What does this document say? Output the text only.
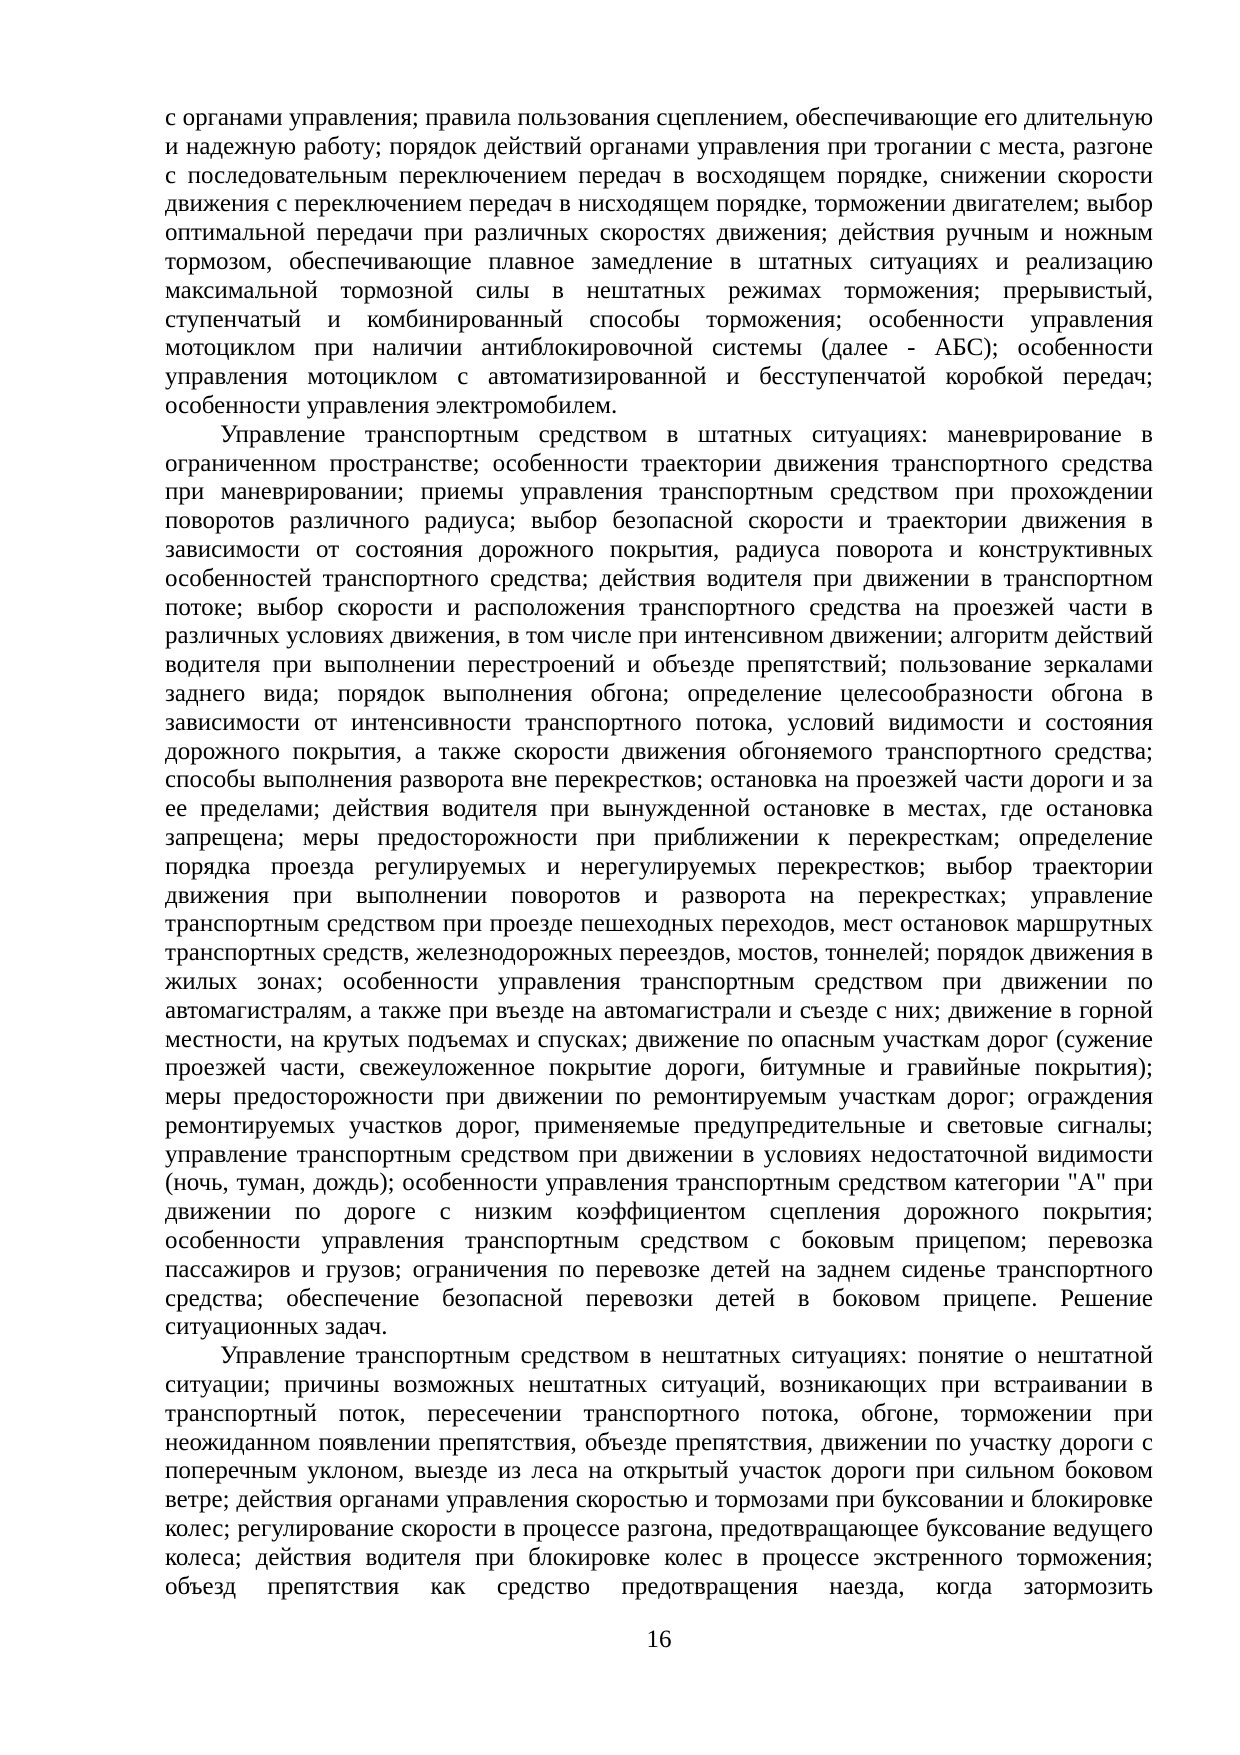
с органами управления; правила пользования сцеплением, обеспечивающие его длительную и надежную работу; порядок действий органами управления при трогании с места, разгоне с последовательным переключением передач в восходящем порядке, снижении скорости движения с переключением передач в нисходящем порядке, торможении двигателем; выбор оптимальной передачи при различных скоростях движения; действия ручным и ножным тормозом, обеспечивающие плавное замедление в штатных ситуациях и реализацию максимальной тормозной силы в нештатных режимах торможения; прерывистый, ступенчатый и комбинированный способы торможения; особенности управления мотоциклом при наличии антиблокировочной системы (далее - АБС); особенности управления мотоциклом с автоматизированной и бесступенчатой коробкой передач; особенности управления электромобилем.

Управление транспортным средством в штатных ситуациях: маневрирование в ограниченном пространстве; особенности траектории движения транспортного средства при маневрировании; приемы управления транспортным средством при прохождении поворотов различного радиуса; выбор безопасной скорости и траектории движения в зависимости от состояния дорожного покрытия, радиуса поворота и конструктивных особенностей транспортного средства; действия водителя при движении в транспортном потоке; выбор скорости и расположения транспортного средства на проезжей части в различных условиях движения, в том числе при интенсивном движении; алгоритм действий водителя при выполнении перестроений и объезде препятствий; пользование зеркалами заднего вида; порядок выполнения обгона; определение целесообразности обгона в зависимости от интенсивности транспортного потока, условий видимости и состояния дорожного покрытия, а также скорости движения обгоняемого транспортного средства; способы выполнения разворота вне перекрестков; остановка на проезжей части дороги и за ее пределами; действия водителя при вынужденной остановке в местах, где остановка запрещена; меры предосторожности при приближении к перекресткам; определение порядка проезда регулируемых и нерегулируемых перекрестков; выбор траектории движения при выполнении поворотов и разворота на перекрестках; управление транспортным средством при проезде пешеходных переходов, мест остановок маршрутных транспортных средств, железнодорожных переездов, мостов, тоннелей; порядок движения в жилых зонах; особенности управления транспортным средством при движении по автомагистралям, а также при въезде на автомагистрали и съезде с них; движение в горной местности, на крутых подъемах и спусках; движение по опасным участкам дорог (сужение проезжей части, свежеуложенное покрытие дороги, битумные и гравийные покрытия); меры предосторожности при движении по ремонтируемым участкам дорог; ограждения ремонтируемых участков дорог, применяемые предупредительные и световые сигналы; управление транспортным средством при движении в условиях недостаточной видимости (ночь, туман, дождь); особенности управления транспортным средством категории "А" при движении по дороге с низким коэффициентом сцепления дорожного покрытия; особенности управления транспортным средством с боковым прицепом; перевозка пассажиров и грузов; ограничения по перевозке детей на заднем сиденье транспортного средства; обеспечение безопасной перевозки детей в боковом прицепе. Решение ситуационных задач.

Управление транспортным средством в нештатных ситуациях: понятие о нештатной ситуации; причины возможных нештатных ситуаций, возникающих при встраивании в транспортный поток, пересечении транспортного потока, обгоне, торможении при неожиданном появлении препятствия, объезде препятствия, движении по участку дороги с поперечным уклоном, выезде из леса на открытый участок дороги при сильном боковом ветре; действия органами управления скоростью и тормозами при буксовании и блокировке колес; регулирование скорости в процессе разгона, предотвращающее буксование ведущего колеса; действия водителя при блокировке колес в процессе экстренного торможения; объезд препятствия как средство предотвращения наезда, когда затормозить

16
